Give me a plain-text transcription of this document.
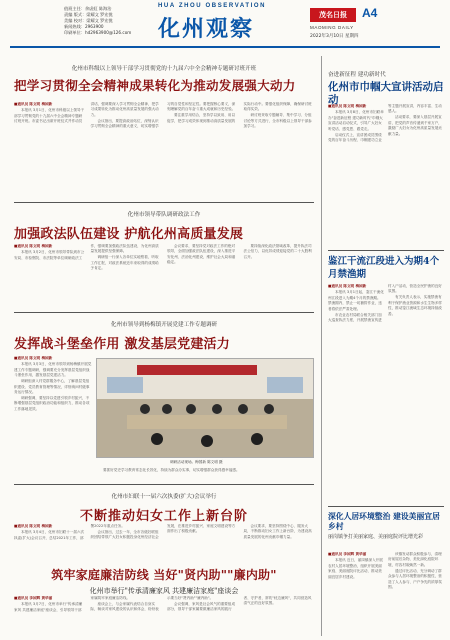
值班主任：余虐虹 陈海治
责编 版式：梁耀文 罗宏挑
美编 校对：梁耀文 罗宏挑
新闻热线：2963900
印刷单位：hd2963900@126.com
HUA ZHOU OBSERVATION
化州观察
茂名日报	A4
MAOMING DAILY
2022年3月10日 星期四
化州市科级以上领导干部学习贯彻党的十九届六中全会精神专题研讨班开班
把学习贯彻全会精神成果转化为推动发展强大动力
■通讯员 陈文明 梅国新

本报讯 3月1日，化州市科级以上领导干部学习贯彻党的十九届六中全会精神专题研讨班开班。市委书记出席开班仪式并作动员讲话，强调要深入学习贯彻全会精神，把学习成果转化为推动化州高质量发展的强大动力。

会议指出，要提高政治站位，深刻认识学习贯彻全会精神的重大意义，切实增强学习的自觉性和坚定性。要把握核心要义，深刻理解党的百年奋斗重大成就和历史经验。

要注重学用结合，坚持学以致用、用以促学，把学习成效体现到推动高质量发展的实际行动中。要强化组织保障，确保研讨班取得实效。

研讨班采取专题辅导、集中学习、分组讨论等方式进行，全市科级以上领导干部参加学习。

化州市领导带队调研政法工作
加强政法队伍建设 护航化州高质量发展
■通讯员 陈文明 梅国新

本报讯 3月2日，化州市领导带队到市公安局、市检察院、市法院等单位调研政法工作，强调要加强政法队伍建设，为化州高质量发展提供坚强保障。

调研组一行深入各单位实地察看，听取工作汇报，对政法系统近年来取得的成绩给予肯定。

会议要求，要坚持党对政法工作的绝对领导，全面加强政法队伍建设，深入推进平安化州、法治化州建设，维护社会大局和谐稳定。

要持续深化政法领域改革，提升执法司法公信力，以优异成绩迎接党的二十大胜利召开。

化州市领导到杨梅镇开展党建工作专题调研
发挥战斗堡垒作用 激发基层党建活力
■通讯员 陈文明 梅国新

本报讯 3月3日，化州市领导到杨梅镇开展党建工作专题调研，强调要充分发挥基层党组织战斗堡垒作用，激发基层党建活力。

调研组深入村党群服务中心，了解基层党组织建设、党员教育管理等情况，详细询问村级事务运行情况。

调研强调，要坚持以党建引领乡村振兴，不断增强基层党组织政治功能和组织力，推动各项工作落地见效。

调研活动现场。梅国新 陈文明 摄

要抓好党史学习教育常态化长效化，持续为群众办实事，切实增强群众获得感幸福感。

化州市妇联十一届六次执委(扩大)会议举行
不断推动妇女工作上新台阶
■通讯员 陈文明 梅国新

本报讯 3月4日，化州市妇联十一届六次执委(扩大)会议召开，总结2021年工作，部署2022年重点任务。

会议指出，过去一年，全市各级妇联组织团结带领广大妇女积极投身化州经济社会发展，在推进乡村振兴、家庭文明建设等方面作出了积极贡献。

会议要求，要坚持围绕中心、服务大局，不断推动妇女工作上新台阶，为建设高质量发展的化州贡献巾帼力量。

筑牢家庭廉洁防线 当好"贤内助""廉内助"
化州市举行"传承清廉家风 共建廉洁家庭"座谈会
■通讯员 李国辉 黄华丽

本报讯 3月7日，化州市举行"传承清廉家风 共建廉洁家庭"座谈会，引导领导干部家属筑牢家庭廉洁防线。

座谈会上，与会家属代表结合自身实际，畅谈对家风建设的认识和体会，纷纷表示要当好"贤内助""廉内助"。

会议强调，家风是社会风气的重要组成部分，领导干部家属要做廉洁家风的践行者、守护者，常吹"枕边廉风"，共同营造风清气正的良好氛围。

奋进新征程 建功新时代
化州市巾帼大宣讲活动启动
■通讯员 陈文明 梅国新

本报讯 3月8日，化州市妇联举办"奋进新征程 建功新时代"巾帼大宣讲活动启动仪式，引导广大妇女听党话、感党恩、跟党走。

启动仪式上，宣讲团成员围绕党的百年奋斗历程、巾帼建功立业等主题开展宣讲，内容丰富、生动感人。

活动要求，要深入基层开展宣讲，把党的声音传递到千家万户，激励广大妇女为化州高质量发展贡献力量。

鉴江干流江段进入为期4个月禁渔期
■通讯员 陈文明 梅国新

本报讯 3月1日起，鉴江干流化州江段进入为期4个月的禁渔期。禁渔期内，禁止一切捕捞作业，违者将依法严肃处理。

市农业农村局联合相关部门加大巡查执法力度，开展禁渔宣传进村入户活动，营造全民护渔的良好氛围。

有关负责人表示，实施禁渔有利于保护渔业资源和水生生物多样性，推动鉴江流域生态环境持续改善。

深化人居环境整治 建设美丽宜居乡村
丽岗镇争打美丽家庭、美丽庭院评比增光彩
■通讯员 李国辉 黄华丽

本报讯 近日，丽岗镇深入开展农村人居环境整治，组织开展美丽家庭、美丽庭院评比活动，推动美丽宜居乡村建设。

该镇发动群众积极参与，清理房前屋后杂物，美化绿化庭院环境，村容村貌焕然一新。

通过评比活动，充分调动了群众参与人居环境整治的积极性，营造了人人参与、户户争先的浓厚氛围。
